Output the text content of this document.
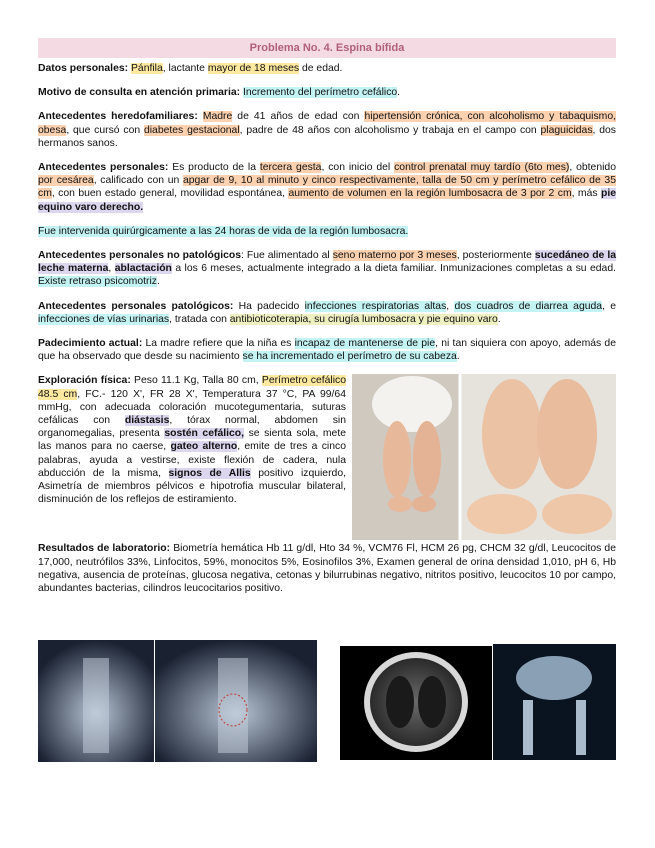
Problema No. 4. Espina bífida

Datos personales: Pánfila, lactante mayor de 18 meses de edad.

Motivo de consulta en atención primaria: Incremento del perímetro cefálico.

Antecedentes heredofamiliares: Madre de 41 años de edad con hipertensión crónica, con alcoholismo y tabaquismo, obesa, que cursó con diabetes gestacional, padre de 48 años con alcoholismo y trabaja en el campo con plaguicidas, dos hermanos sanos.

Antecedentes personales: Es producto de la tercera gesta, con inicio del control prenatal muy tardío (6to mes), obtenido por cesárea, calificado con un apgar de 9, 10 al minuto y cinco respectivamente, talla de 50 cm y perímetro cefálico de 35 cm, con buen estado general, movilidad espontánea, aumento de volumen en la región lumbosacra de 3 por 2 cm, más pie equino varo derecho.

Fue intervenida quirúrgicamente a las 24 horas de vida de la región lumbosacra.

Antecedentes personales no patológicos: Fue alimentado al seno materno por 3 meses, posteriormente sucedáneo de la leche materna, ablactación a los 6 meses, actualmente integrado a la dieta familiar. Inmunizaciones completas a su edad. Existe retraso psicomotriz.

Antecedentes personales patológicos: Ha padecido infecciones respiratorias altas, dos cuadros de diarrea aguda, e infecciones de vías urinarias, tratada con antibioticoterapia, su cirugía lumbosacra y pie equino varo.

Padecimiento actual: La madre refiere que la niña es incapaz de mantenerse de pie, ni tan siquiera con apoyo, además de que ha observado que desde su nacimiento se ha incrementado el perímetro de su cabeza.

Exploración física: Peso 11.1 Kg, Talla 80 cm, Perímetro cefálico 48.5 cm, FC.- 120 X', FR 28 X', Temperatura 37 °C, PA 99/64 mmHg, con adecuada coloración mucotegumentaria, suturas cefálicas con diástasis, tórax normal, abdomen sin organomegalias, presenta sostén cefálico, se sienta sola, mete las manos para no caerse, gateo alterno, emite de tres a cinco palabras, ayuda a vestirse, existe flexión de cadera, nula abducción de la misma, signos de Allis positivo izquierdo, Asimetría de miembros pélvicos e hipotrofia muscular bilateral, disminución de los reflejos de estiramiento.

Resultados de laboratorio: Biometría hemática Hb 11 g/dl, Hto 34 %, VCM76 Fl, HCM 26 pg, CHCM 32 g/dl, Leucocitos de 17,000, neutrófilos 33%, Linfocitos, 59%, monocitos 5%, Eosinofilos 3%, Examen general de orina densidad 1,010, pH 6, Hb negativa, ausencia de proteínas, glucosa negativa, cetonas y bilurrubinas negativo, nitritos positivo, leucocitos 10 por campo, abundantes bacterias, cilindros leucocitarios positivo.
